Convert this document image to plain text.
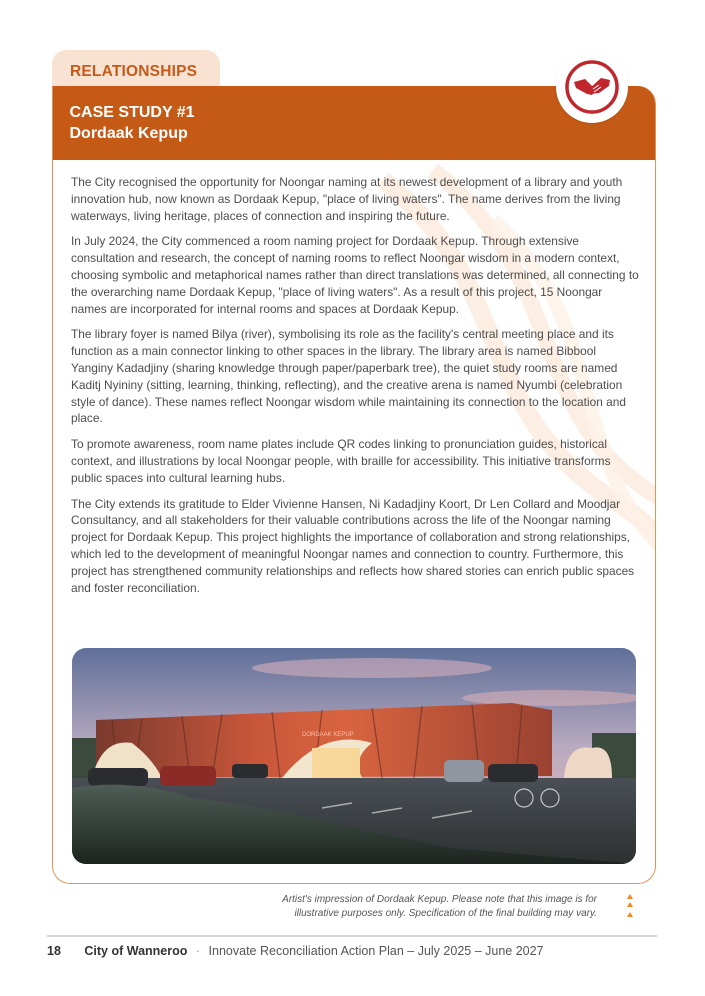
RELATIONSHIPS
CASE STUDY #1
Dordaak Kepup

The City recognised the opportunity for Noongar naming at its newest development of a library and youth innovation hub, now known as Dordaak Kepup, "place of living waters". The name derives from the living waterways, living heritage, places of connection and inspiring the future.

In July 2024, the City commenced a room naming project for Dordaak Kepup. Through extensive consultation and research, the concept of naming rooms to reflect Noongar wisdom in a modern context, choosing symbolic and metaphorical names rather than direct translations was determined, all connecting to the overarching name Dordaak Kepup, "place of living waters". As a result of this project, 15 Noongar names are incorporated for internal rooms and spaces at Dordaak Kepup.

The library foyer is named Bilya (river), symbolising its role as the facility's central meeting place and its function as a main connector linking to other spaces in the library. The library area is named Bibbool Yanginy Kadadjiny (sharing knowledge through paper/paperbark tree), the quiet study rooms are named Kaditj Nyininy (sitting, learning, thinking, reflecting), and the creative arena is named Nyumbi (celebration style of dance). These names reflect Noongar wisdom while maintaining its connection to the location and place.

To promote awareness, room name plates include QR codes linking to pronunciation guides, historical context, and illustrations by local Noongar people, with braille for accessibility. This initiative transforms public spaces into cultural learning hubs.

The City extends its gratitude to Elder Vivienne Hansen, Ni Kadadjiny Koort, Dr Len Collard and Moodjar Consultancy, and all stakeholders for their valuable contributions across the life of the Noongar naming project for Dordaak Kepup. This project highlights the importance of collaboration and strong relationships, which led to the development of meaningful Noongar names and connection to country. Furthermore, this project has strengthened community relationships and reflects how shared stories can enrich public spaces and foster reconciliation.

DORDAAK KEPUP
Artist's impression of Dordaak Kepup. Please note that this image is for
illustrative purposes only. Specification of the final building may vary.
18 City of Wanneroo · Innovate Reconciliation Action Plan – July 2025 – June 2027
